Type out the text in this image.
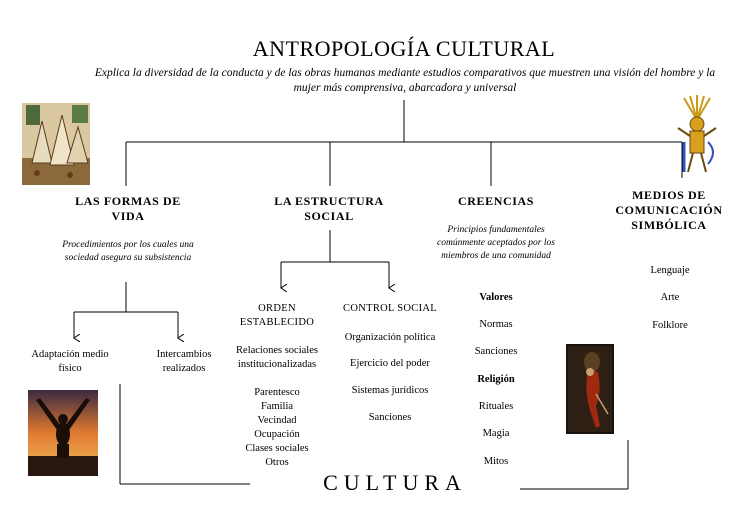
ANTROPOLOGÍA CULTURAL
Explica la diversidad de la conducta y de las obras humanas mediante estudios comparativos que muestren una visión del hombre y la mujer más comprensiva, abarcadora y universal
LAS FORMAS DE VIDA
Procedimientos por los cuales una sociedad asegura su subsistencia
Adaptación medio físico
Intercambios realizados
LA ESTRUCTURA SOCIAL
ORDEN ESTABLECIDO
Relaciones sociales institucionalizadas
Parentesco
Familia
Vecindad
Ocupación
Clases sociales
Otros
CONTROL SOCIAL
Organización política
Ejercicio del poder
Sistemas jurídicos
Sanciones
CREENCIAS
Principios fundamentales comúnmente aceptados por los miembros de una comunidad
Valores
Normas
Sanciones
Religión
Rituales
Magia
Mitos
MEDIOS DE COMUNICACIÓN SIMBÓLICA
Lenguaje
Arte
Folklore
CULTURA
